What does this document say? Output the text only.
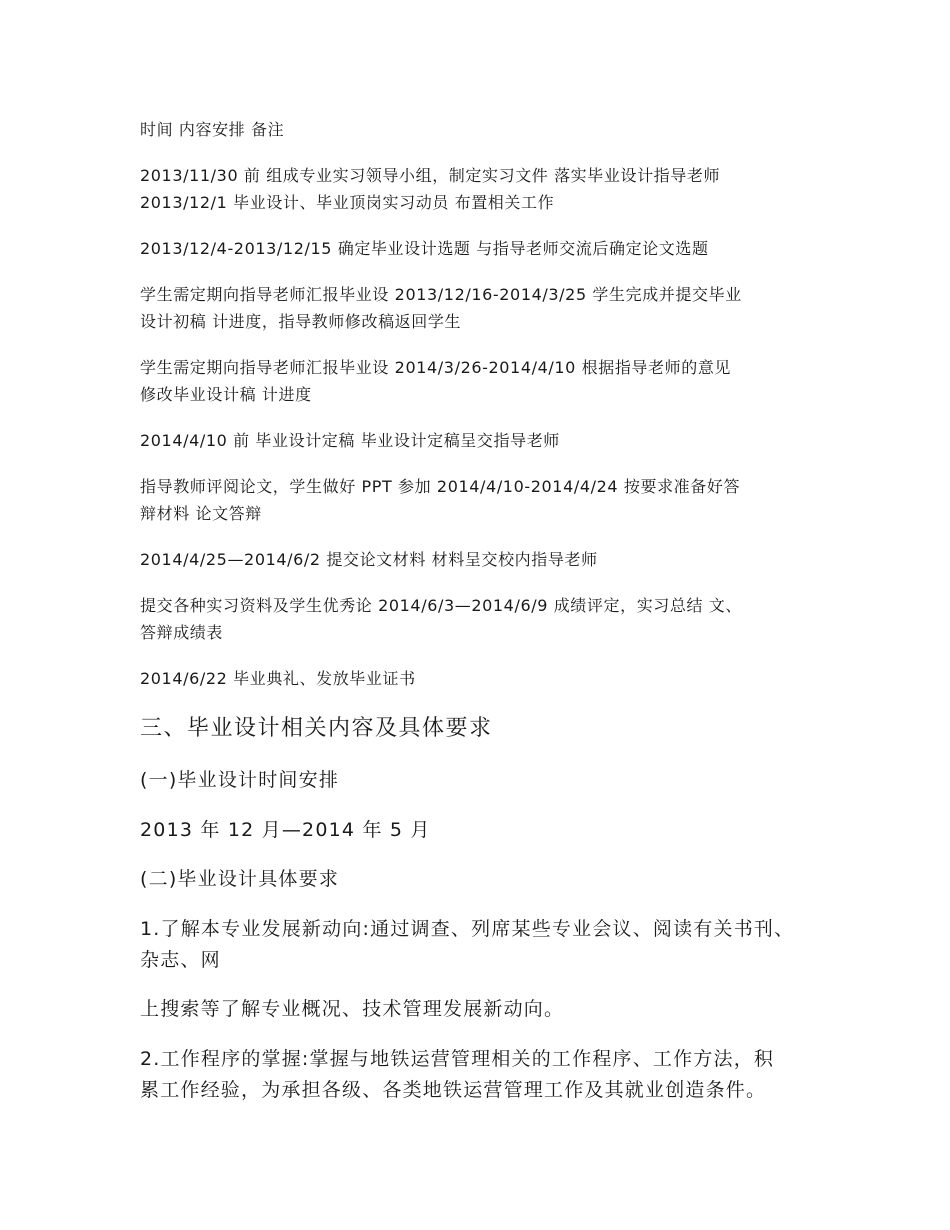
时间 内容安排 备注
2013/11/30 前 组成专业实习领导小组，制定实习文件 落实毕业设计指导老师
2013/12/1 毕业设计、毕业顶岗实习动员 布置相关工作
2013/12/4-2013/12/15 确定毕业设计选题 与指导老师交流后确定论文选题
学生需定期向指导老师汇报毕业设 2013/12/16-2014/3/25 学生完成并提交毕业
设计初稿 计进度，指导教师修改稿返回学生
学生需定期向指导老师汇报毕业设 2014/3/26-2014/4/10 根据指导老师的意见
修改毕业设计稿 计进度
2014/4/10 前 毕业设计定稿 毕业设计定稿呈交指导老师
指导教师评阅论文，学生做好 PPT 参加 2014/4/10-2014/4/24 按要求准备好答
辩材料 论文答辩
2014/4/25—2014/6/2 提交论文材料 材料呈交校内指导老师
提交各种实习资料及学生优秀论 2014/6/3—2014/6/9 成绩评定，实习总结 文、
答辩成绩表
2014/6/22 毕业典礼、发放毕业证书
三、毕业设计相关内容及具体要求
(一)毕业设计时间安排
2013 年 12 月—2014 年 5 月
(二)毕业设计具体要求
1.了解本专业发展新动向:通过调查、列席某些专业会议、阅读有关书刊、
杂志、网
上搜索等了解专业概况、技术管理发展新动向。
2.工作程序的掌握:掌握与地铁运营管理相关的工作程序、工作方法，积
累工作经验，为承担各级、各类地铁运营管理工作及其就业创造条件。
